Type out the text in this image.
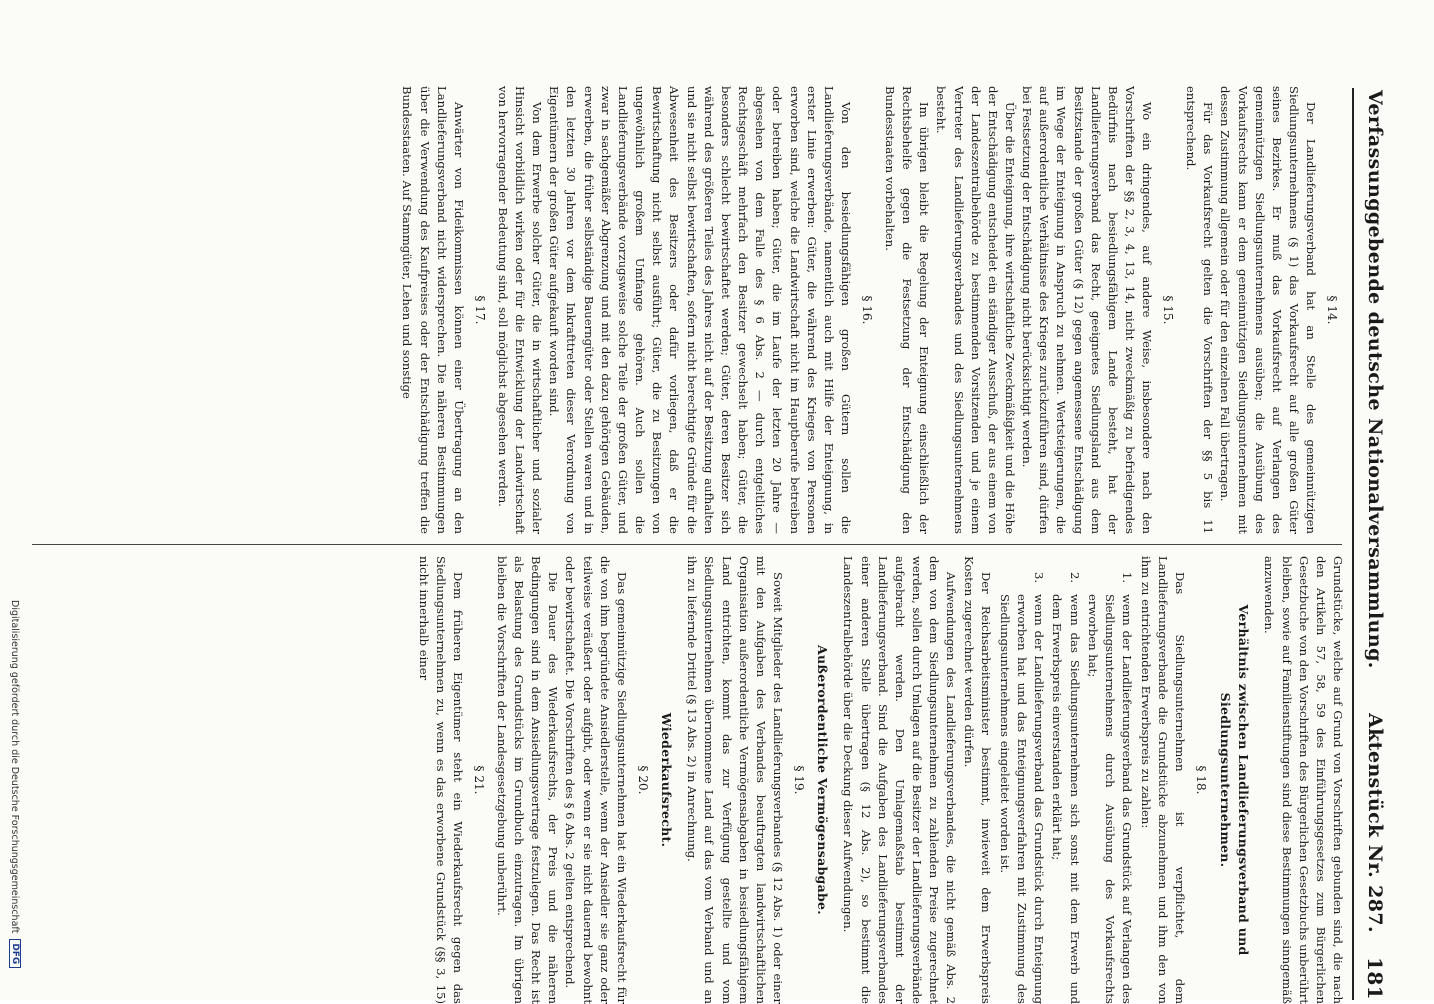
Verfassunggebende deutsche Nationalversammlung.
Aktenstück Nr. 287.
181
§ 14.

Der Landlieferungsverband hat an Stelle des gemeinnützigen Siedlungsunternehmens (§ 1) das Vorkaufsrecht auf alle großen Güter seines Bezirkes. Er muß das Vorkaufsrecht auf Verlangen des gemeinnützigen Siedlungsunternehmens ausüben; die Ausübung des Vorkaufsrechts kann er dem gemeinnützigen Siedlungsunternehmen mit dessen Zustimmung allgemein oder für den einzelnen Fall übertragen.

Für das Vorkaufsrecht gelten die Vorschriften der §§ 5 bis 11 entsprechend.

§ 15.

Wo ein dringendes, auf andere Weise, insbesondere nach den Vorschriften der §§ 2, 3, 4, 13, 14, nicht zweckmäßig zu befriedigendes Bedürfnis nach besiedlungsfähigem Lande besteht, hat der Landlieferungsverband das Recht, geeignetes Siedlungsland aus dem Besitzstande der großen Güter (§ 12) gegen angemessene Entschädigung im Wege der Enteignung in Anspruch zu nehmen. Wertsteigerungen, die auf außerordentliche Verhältnisse des Krieges zurückzuführen sind, dürfen bei Festsetzung der Entschädigung nicht berücksichtigt werden.

Über die Enteignung, ihre wirtschaftliche Zweckmäßigkeit und die Höhe der Entschädigung entscheidet ein ständiger Ausschuß, der aus einem von der Landeszentralbehörde zu bestimmenden Vorsitzenden und je einem Vertreter des Landlieferungsverbandes und des Siedlungsunternehmens besteht.

Im übrigen bleibt die Regelung der Enteignung einschließlich der Rechtsbehelfe gegen die Festsetzung der Entschädigung den Bundesstaaten vorbehalten.

§ 16.

Von den besiedlungsfähigen großen Gütern sollen die Landlieferungsverbände, namentlich auch mit Hilfe der Enteignung, in erster Linie erwerben: Güter, die während des Krieges von Personen erworben sind, welche die Landwirtschaft nicht im Hauptberufe betreiben oder betreiben haben; Güter, die im Laufe der letzten 20 Jahre — abgesehen von dem Falle des § 6 Abs. 2 — durch entgeltliches Rechtsgeschäft mehrfach den Besitzer gewechselt haben; Güter, die besonders schlecht bewirtschaftet werden; Güter, deren Besitzer sich während des größeren Teiles des Jahres nicht auf der Besitzung aufhalten und sie nicht selbst bewirtschaften, sofern nicht berechtigte Gründe für die Abwesenheit des Besitzers oder dafür vorliegen, daß er die Bewirtschaftung nicht selbst ausführt; Güter, die zu Besitzungen von ungewöhnlich großem Umfange gehören. Auch sollen die Landlieferungsverbände vorzugsweise solche Teile der großen Güter, und zwar in sachgemäßer Abgrenzung und mit den dazu gehörigen Gebäuden, erwerben, die früher selbständige Bauerngüter oder Stellen waren und in den letzten 30 Jahren vor dem Inkrafttreten dieser Verordnung von Eigentümern der großen Güter aufgekauft worden sind.

Von dem Erwerbe solcher Güter, die in wirtschaftlicher und sozialer Hinsicht vorbildlich wirken oder für die Entwicklung der Landwirtschaft von hervorragender Bedeutung sind, soll möglichst abgesehen werden.

§ 17.

Anwärter von Fideikommissen können einer Übertragung an den Landlieferungsverband nicht widersprechen. Die näheren Bestimmungen über die Verwendung des Kaufpreises oder der Entschädigung treffen die Bundesstaaten. Auf Stammgüter, Lehen und sonstige

Grundstücke, welche auf Grund von Vorschriften gebunden sind, die nach den Artikeln 57, 58, 59 des Einführungsgesetzes zum Bürgerlichen Gesetzbuche von den Vorschriften des Bürgerlichen Gesetzbuchs unberührt bleiben, sowie auf Familienstiftungen sind diese Bestimmungen sinngemäß anzuwenden.

Verhältnis zwischen Landlieferungsverband und Siedlungsunternehmen.
§ 18.

Das Siedlungsunternehmen ist verpflichtet, dem Landlieferungsverbande die Grundstücke abzunehmen und ihm den von ihm zu entrichtenden Erwerbspreis zu zahlen:

1.
wenn der Landlieferungsverband das Grundstück auf Verlangen des Siedlungsunternehmens durch Ausübung des Vorkaufsrechts erworben hat;
2.
wenn das Siedlungsunternehmen sich sonst mit dem Erwerb und dem Erwerbspreis einverstanden erklärt hat;
3.
wenn der Landlieferungsverband das Grundstück durch Enteignung erworben hat und das Enteignungsverfahren mit Zustimmung des Siedlungsunternehmens eingeleitet worden ist.

Der Reichsarbeitsminister bestimmt, inwieweit dem Erwerbspreis Kosten zugerechnet werden dürfen.

Aufwendungen des Landlieferungsverbandes, die nicht gemäß Abs. 2 dem von dem Siedlungsunternehmen zu zahlenden Preise zugerechnet werden, sollen durch Umlagen auf die Besitzer der Landlieferungsverbände aufgebracht werden. Den Umlagemaßstab bestimmt der Landlieferungsverband. Sind die Aufgaben des Landlieferungsverbandes einer anderen Stelle übertragen (§ 12 Abs. 2), so bestimmt die Landeszentralbehörde über die Deckung dieser Aufwendungen.

Außerordentliche Vermögensabgabe.
§ 19.

Soweit Mitglieder des Landlieferungsverbandes (§ 12 Abs. 1) oder einer mit den Aufgaben des Verbandes beauftragten landwirtschaftlichen Organisation außerordentliche Vermögensabgaben in besiedlungsfähigem Land entrichten, kommt das zur Verfügung gestellte und vom Siedlungsunternehmen übernommene Land auf das vom Verband und an ihn zu liefernde Drittel (§ 13 Abs. 2) in Anrechnung.

Wiederkaufsrecht.
§ 20.

Das gemeinnützige Siedlungsunternehmen hat ein Wiederkaufsrecht für die von ihm begründete Ansiedlerstelle, wenn der Ansiedler sie ganz oder teilweise veräußert oder aufgibt, oder wenn er sie nicht dauernd bewohnt oder bewirtschaftet. Die Vorschriften des § 6 Abs. 2 gelten entsprechend.

Die Dauer des Wiederkaufsrechts, der Preis und die näheren Bedingungen sind in dem Ansiedlungsvertrage festzulegen. Das Recht ist als Belastung des Grundstücks im Grundbuch einzutragen. Im übrigen bleiben die Vorschriften der Landesgesetzgebung unberührt.

§ 21.

Dem früheren Eigentümer steht ein Wiederkaufsrecht gegen das Siedlungsunternehmen zu, wenn es das erworbene Grundstück (§§ 3, 15) nicht innerhalb einer

Digitalisierung gefördert durch die Deutsche Forschungsgemeinschaft
DFG
